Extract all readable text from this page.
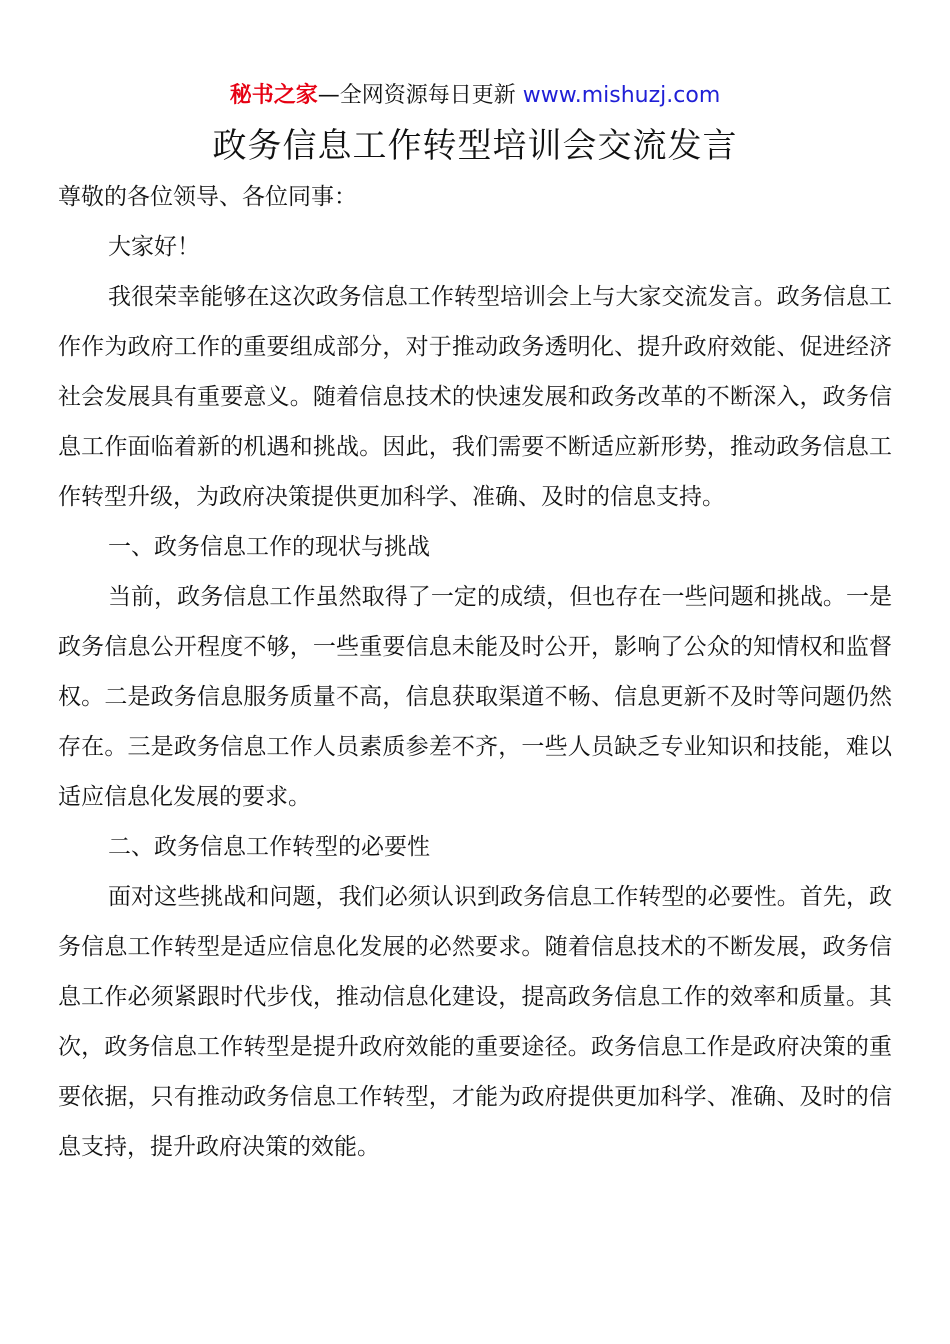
秘书之家—全网资源每日更新 www.mishuzj.com
政务信息工作转型培训会交流发言

尊敬的各位领导、各位同事：

大家好！

我很荣幸能够在这次政务信息工作转型培训会上与大家交流发言。政务信息工作作为政府工作的重要组成部分，对于推动政务透明化、提升政府效能、促进经济社会发展具有重要意义。随着信息技术的快速发展和政务改革的不断深入，政务信息工作面临着新的机遇和挑战。因此，我们需要不断适应新形势，推动政务信息工作转型升级，为政府决策提供更加科学、准确、及时的信息支持。

一、政务信息工作的现状与挑战

当前，政务信息工作虽然取得了一定的成绩，但也存在一些问题和挑战。一是政务信息公开程度不够，一些重要信息未能及时公开，影响了公众的知情权和监督权。二是政务信息服务质量不高，信息获取渠道不畅、信息更新不及时等问题仍然存在。三是政务信息工作人员素质参差不齐，一些人员缺乏专业知识和技能，难以适应信息化发展的要求。

二、政务信息工作转型的必要性

面对这些挑战和问题，我们必须认识到政务信息工作转型的必要性。首先，政务信息工作转型是适应信息化发展的必然要求。随着信息技术的不断发展，政务信息工作必须紧跟时代步伐，推动信息化建设，提高政务信息工作的效率和质量。其次，政务信息工作转型是提升政府效能的重要途径。政务信息工作是政府决策的重要依据，只有推动政务信息工作转型，才能为政府提供更加科学、准确、及时的信息支持，提升政府决策的效能。
